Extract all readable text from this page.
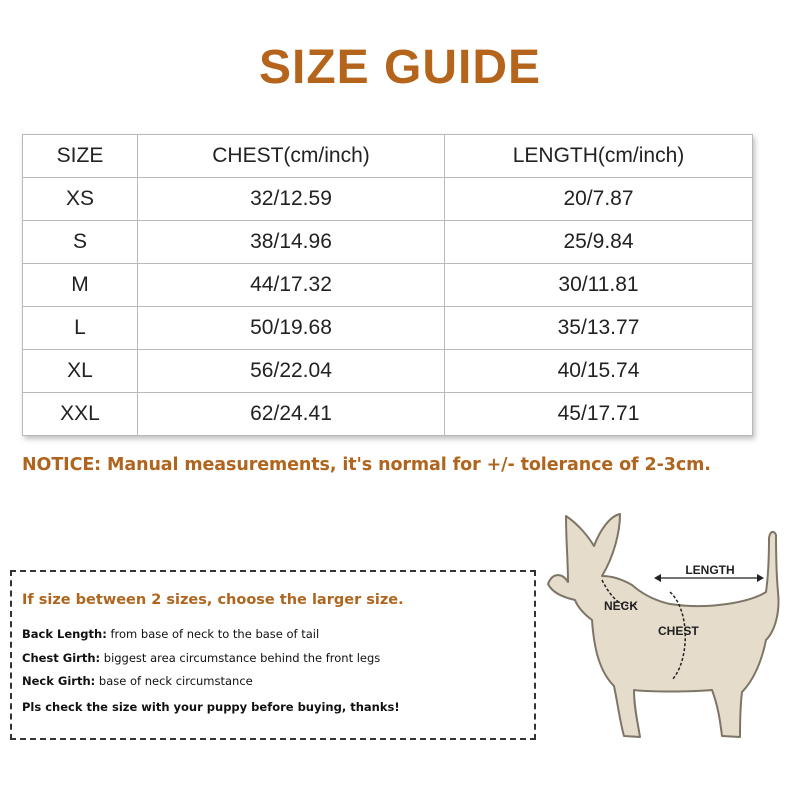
SIZE GUIDE
SIZE	CHEST(cm/inch)	LENGTH(cm/inch)
XS	32/12.59	20/7.87
S	38/14.96	25/9.84
M	44/17.32	30/11.81
L	50/19.68	35/13.77
XL	56/22.04	40/15.74
XXL	62/24.41	45/17.71
NOTICE: Manual measurements, it's normal for +/- tolerance of 2-3cm.
If size between 2 sizes, choose the larger size.
Back Length: from base of neck to the base of tail
Chest Girth: biggest area circumstance behind the front legs
Neck Girth: base of neck circumstance
Pls check the size with your puppy before buying, thanks!
LENGTH
NECK
CHEST
